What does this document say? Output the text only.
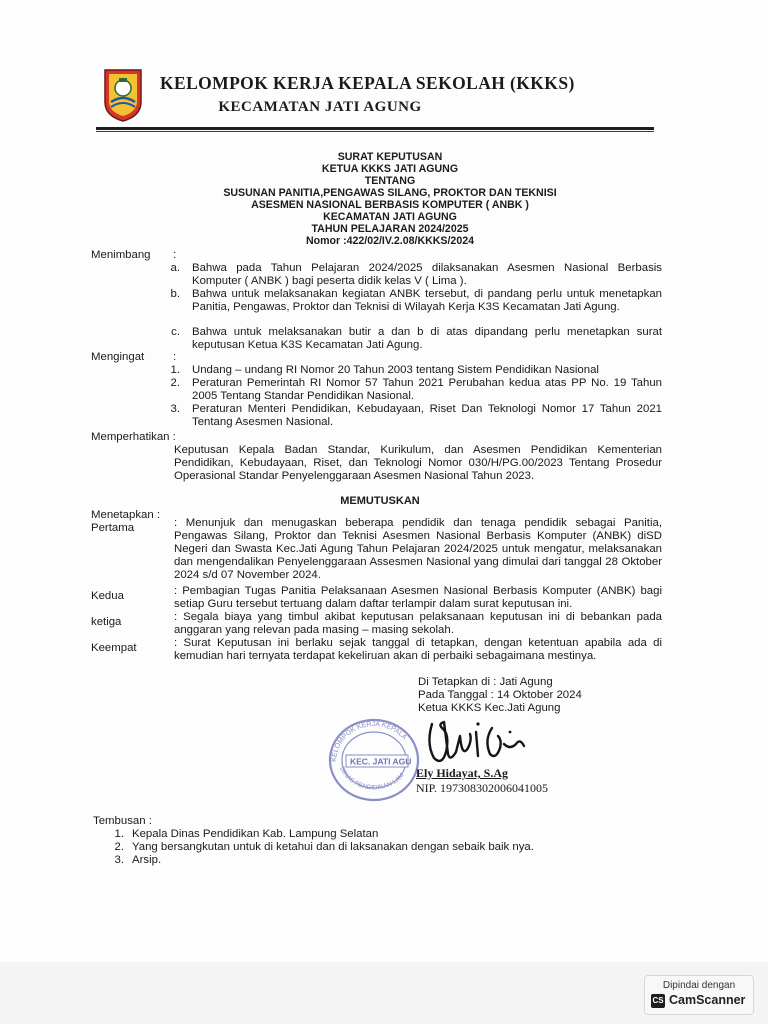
KELOMPOK KERJA KEPALA SEKOLAH (KKKS)
KECAMATAN JATI AGUNG
SURAT KEPUTUSAN
KETUA KKKS JATI AGUNG
TENTANG
SUSUNAN PANITIA,PENGAWAS SILANG, PROKTOR DAN TEKNISI
ASESMEN NASIONAL BERBASIS KOMPUTER ( ANBK )
KECAMATAN JATI AGUNG
TAHUN PELAJARAN 2024/2025
Nomor :422/02/IV.2.08/KKKS/2024
Menimbang :
a. Bahwa pada Tahun Pelajaran 2024/2025 dilaksanakan Asesmen Nasional Berbasis Komputer ( ANBK ) bagi peserta didik kelas V ( Lima ).
b. Bahwa untuk melaksanakan kegiatan ANBK tersebut, di pandang perlu untuk menetapkan Panitia, Pengawas, Proktor dan Teknisi di Wilayah Kerja K3S Kecamatan Jati Agung.
c. Bahwa untuk melaksanakan butir a dan b di atas dipandang perlu menetapkan surat keputusan Ketua K3S Kecamatan Jati Agung.
Mengingat	:
1. Undang – undang RI Nomor 20 Tahun 2003 tentang Sistem Pendidikan Nasional
2. Peraturan Pemerintah RI Nomor 57 Tahun 2021 Perubahan kedua atas PP No. 19 Tahun 2005 Tentang Standar Pendidikan Nasional.
3. Peraturan Menteri Pendidikan, Kebudayaan, Riset Dan Teknologi Nomor 17 Tahun 2021 Tentang Asesmen Nasional.
Memperhatikan :
Keputusan Kepala Badan Standar, Kurikulum, dan Asesmen Pendidikan Kementerian Pendidikan, Kebudayaan, Riset, dan Teknologi Nomor 030/H/PG.00/2023 Tentang Prosedur Operasional Standar Penyelenggaraan Asesmen Nasional Tahun 2023.
MEMUTUSKAN
Menetapkan :
Pertama	: Menunjuk dan menugaskan beberapa pendidik dan tenaga pendidik sebagai Panitia, Pengawas Silang, Proktor dan Teknisi Asesmen Nasional Berbasis Komputer (ANBK) diSD Negeri dan Swasta Kec.Jati Agung Tahun Pelajaran 2024/2025 untuk mengatur, melaksanakan dan mengendalikan Penyelenggaraan Assesmen Nasional yang dimulai dari tanggal 28 Oktober 2024 s/d 07 November 2024.
Kedua	: Pembagian Tugas Panitia Pelaksanaan Asesmen Nasional Berbasis Komputer (ANBK) bagi setiap Guru tersebut tertuang dalam daftar terlampir dalam surat keputusan ini.
ketiga	: Segala biaya yang timbul akibat keputusan pelaksanaan keputusan ini di bebankan pada anggaran yang relevan pada masing – masing sekolah.
Keempat	: Surat Keputusan ini berlaku sejak tanggal di tetapkan, dengan ketentuan apabila ada di kemudian hari ternyata terdapat kekeliruan akan di perbaiki sebagaimana mestinya.
Di Tetapkan di : Jati Agung
Pada Tanggal : 14 Oktober 2024
Ketua KKKS Kec.Jati Agung
KELOMPOK KERJA KEPALA
DINAS PENDIDIKAN LAM
KEC. JATI AGU
Ely Hidayat, S.Ag
NIP. 197308302006041005
Tembusan :
1. Kepala Dinas Pendidikan Kab. Lampung Selatan
2. Yang bersangkutan untuk di ketahui dan di laksanakan dengan sebaik baik nya.
3. Arsip.
Dipindai dengan
CS CamScanner
